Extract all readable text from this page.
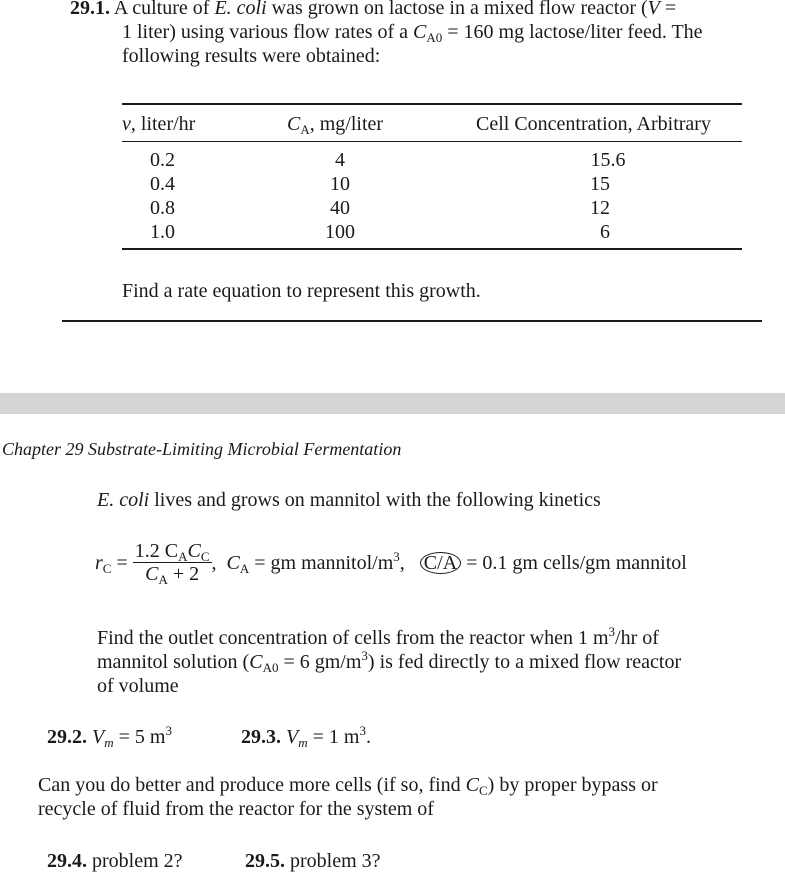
29.1. A culture of E. coli was grown on lactose in a mixed flow reactor (V =
1 liter) using various flow rates of a $C_{A0} = 160$ mg lactose/liter feed. The
following results were obtained:
v, liter/hr	$C_A$, mg/liter	Cell Concentration, Arbitrary
0.2	4	15.6
0.4	10	15
0.8	40	12
1.0	100	6
Find a rate equation to represent this growth.
Chapter 29 Substrate-Limiting Microbial Fermentation
E. coli lives and grows on mannitol with the following kinetics
$r_C = \frac{1.2 C_AC_C}{C_A + 2}$ ,  $C_A$ = gm mannitol/$m^3$,   C/A = 0.1 gm cells/gm mannitol
Find the outlet concentration of cells from the reactor when 1 $m^3/hr$ of
mannitol solution ($C_{A0} = 6$ $gm/m^3$) is fed directly to a mixed flow reactor
of volume
29.2. $V_m = 5$ $m^3$	29.3. $V_m = 1$ $m^3$.
Can you do better and produce more cells (if so, find $C_C$) by proper bypass or
recycle of fluid from the reactor for the system of
29.4. problem 2?	29.5. problem 3?
